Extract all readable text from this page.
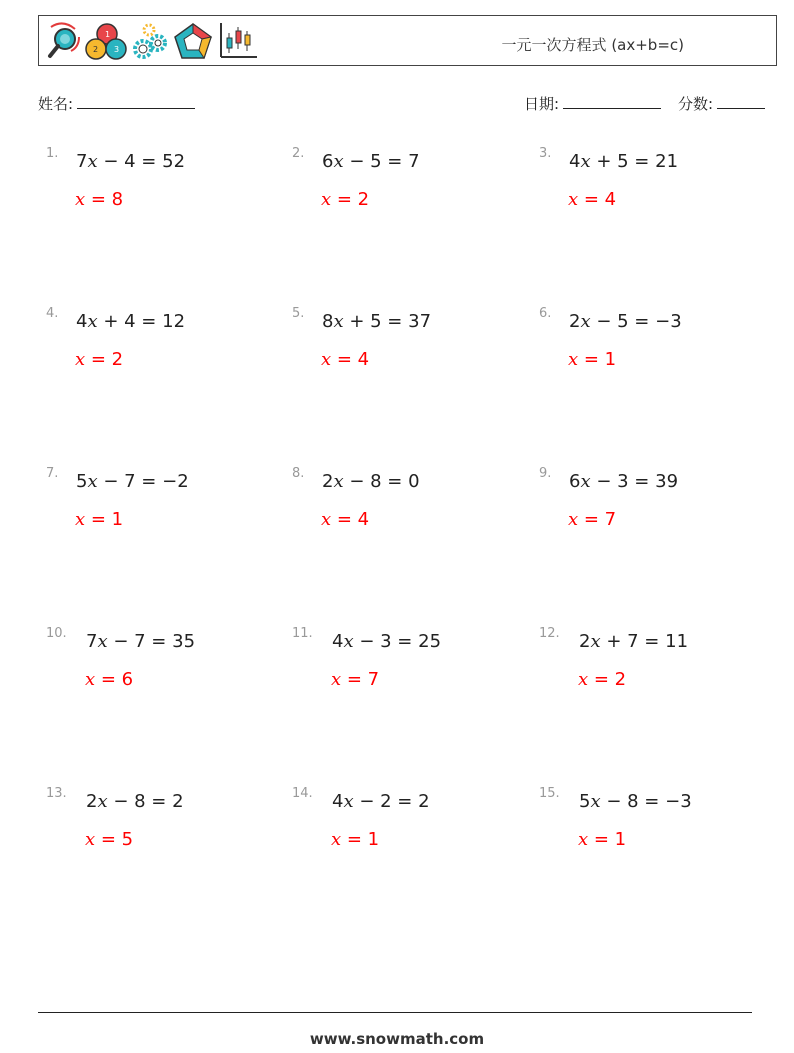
1
2 3	一元一次方程式 (ax+b=c)
姓名:	日期:	分数:
1. 7x − 4 = 52
x = 8
2. 6x − 5 = 7
x = 2
3. 4x + 5 = 21
x = 4
4. 4x + 4 = 12
x = 2
5. 8x + 5 = 37
x = 4
6. 2x − 5 = −3
x = 1
7. 5x − 7 = −2
x = 1
8. 2x − 8 = 0
x = 4
9. 6x − 3 = 39
x = 7
10. 7x − 7 = 35
x = 6
11. 4x − 3 = 25
x = 7
12. 2x + 7 = 11
x = 2
13. 2x − 8 = 2
x = 5
14. 4x − 2 = 2
x = 1
15. 5x − 8 = −3
x = 1
www.snowmath.com
